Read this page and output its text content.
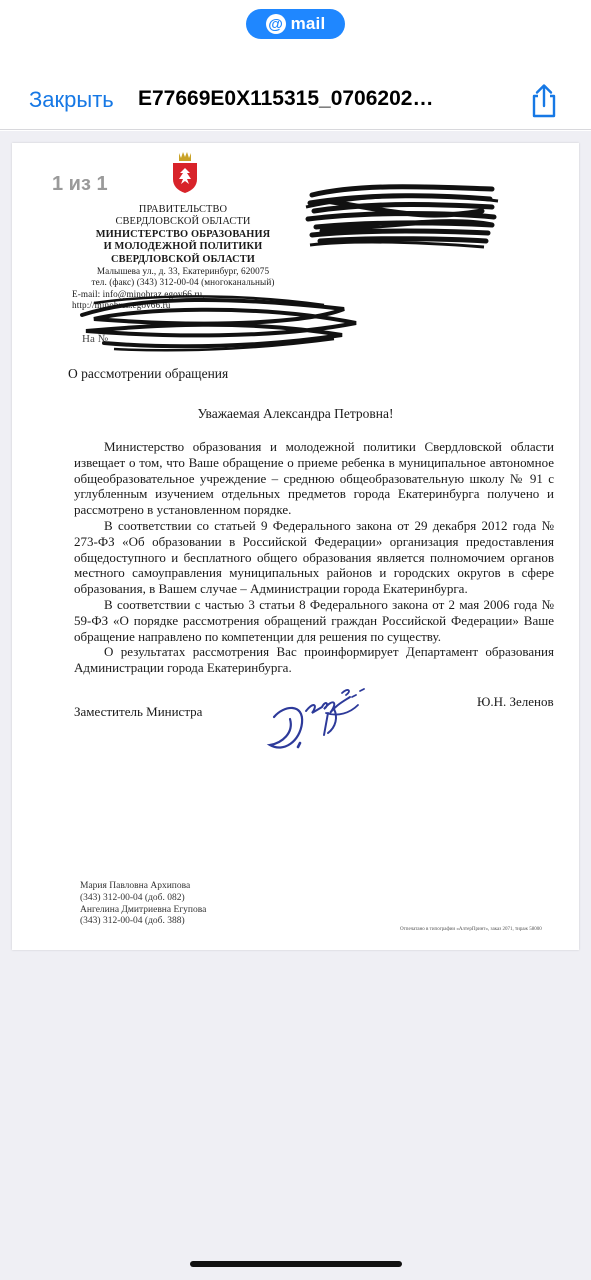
@ mail
Закрыть E77669E0X115315_0706202…
1 из 1
ПРАВИТЕЛЬСТВО
СВЕРДЛОВСКОЙ ОБЛАСТИ
МИНИСТЕРСТВО ОБРАЗОВАНИЯ
И МОЛОДЕЖНОЙ ПОЛИТИКИ
СВЕРДЛОВСКОЙ ОБЛАСТИ
Малышева ул., д. 33, Екатеринбург, 620075
тел. (факс) (343) 312-00-04 (многоканальный)
E-mail: info@minobraz.egov66.ru, http://minobraz.egov66.ru
На №
О рассмотрении обращения
Уважаемая Александра Петровна!

Министерство образования и молодежной политики Свердловской области извещает о том, что Ваше обращение о приеме ребенка в муниципальное автономное общеобразовательное учреждение – среднюю общеобразовательную школу № 91 с углубленным изучением отдельных предметов города Екатеринбурга получено и рассмотрено в установленном порядке.

В соответствии со статьей 9 Федерального закона от 29 декабря 2012 года № 273-ФЗ «Об образовании в Российской Федерации» организация предоставления общедоступного и бесплатного общего образования является полномочием органов местного самоуправления муниципальных районов и городских округов в сфере образования, в Вашем случае – Администрации города Екатеринбурга.

В соответствии с частью 3 статьи 8 Федерального закона от 2 мая 2006 года № 59-ФЗ «О порядке рассмотрения обращений граждан Российской Федерации» Ваше обращение направлено по компетенции для решения по существу.

О результатах рассмотрения Вас проинформирует Департамент образования Администрации города Екатеринбурга.

Заместитель Министра
Ю.Н. Зеленов
Мария Павловна Архипова
(343) 312-00-04 (доб. 082)
Ангелина Дмитриевна Егупова
(343) 312-00-04 (доб. 388)
Отпечатано в типографии «АлтерПринт», заказ 2071, тираж 58000
